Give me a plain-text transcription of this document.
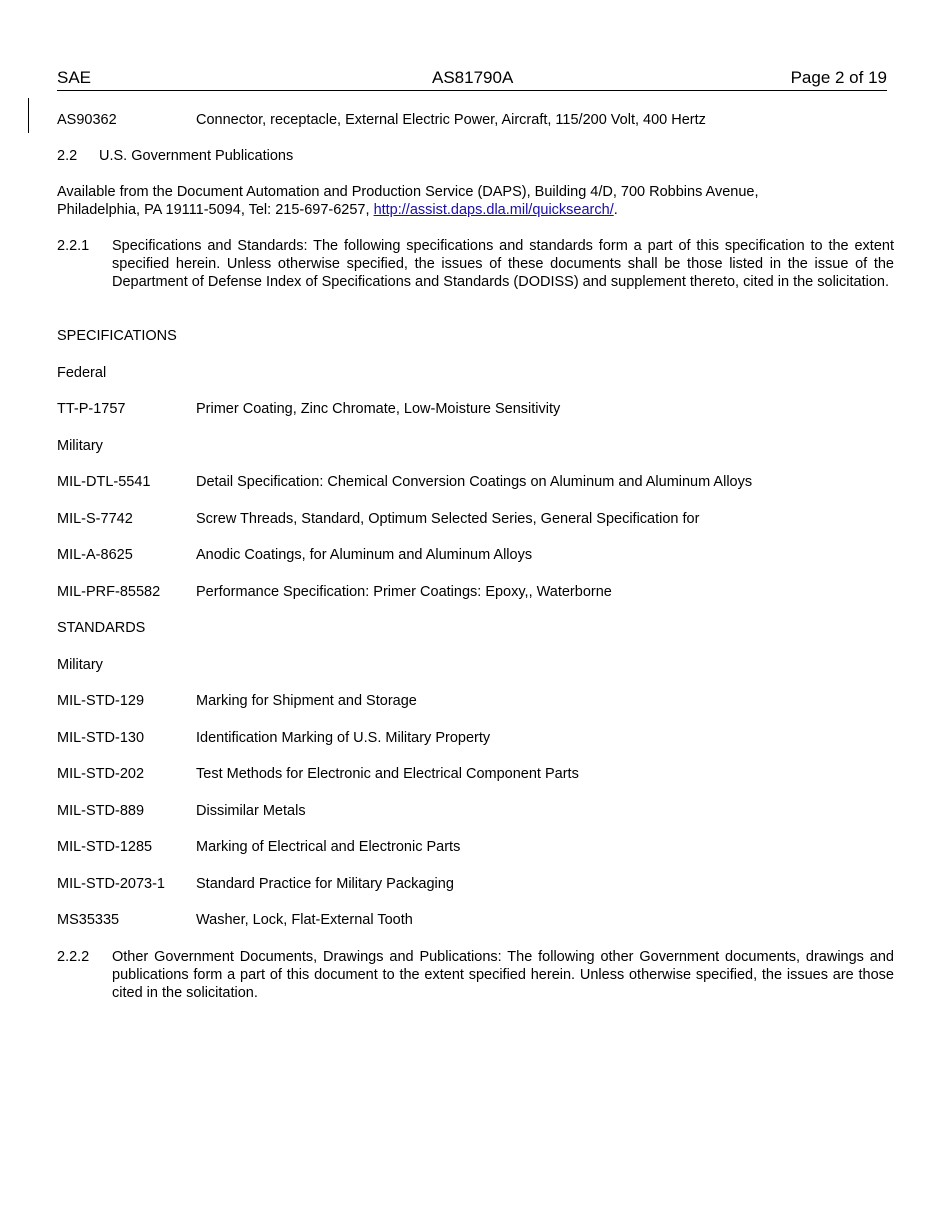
SAE	AS81790A	Page 2 of 19
AS90362	Connector, receptacle, External Electric Power, Aircraft, 115/200 Volt, 400 Hertz
2.2 U.S. Government Publications
Available from the Document Automation and Production Service (DAPS), Building 4/D, 700 Robbins Avenue, Philadelphia, PA 19111-5094, Tel: 215-697-6257, http://assist.daps.dla.mil/quicksearch/.
2.2.1 Specifications and Standards: The following specifications and standards form a part of this specification to the extent specified herein. Unless otherwise specified, the issues of these documents shall be those listed in the issue of the Department of Defense Index of Specifications and Standards (DODISS) and supplement thereto, cited in the solicitation.
SPECIFICATIONS
Federal
TT-P-1757	Primer Coating, Zinc Chromate, Low-Moisture Sensitivity
Military
MIL-DTL-5541	Detail Specification: Chemical Conversion Coatings on Aluminum and Aluminum Alloys
MIL-S-7742	Screw Threads, Standard, Optimum Selected Series, General Specification for
MIL-A-8625	Anodic Coatings, for Aluminum and Aluminum Alloys
MIL-PRF-85582 Performance Specification: Primer Coatings: Epoxy,, Waterborne
STANDARDS
Military
MIL-STD-129	Marking for Shipment and Storage
MIL-STD-130	Identification Marking of U.S. Military Property
MIL-STD-202	Test Methods for Electronic and Electrical Component Parts
MIL-STD-889	Dissimilar Metals
MIL-STD-1285	Marking of Electrical and Electronic Parts
MIL-STD-2073-1 Standard Practice for Military Packaging
MS35335	Washer, Lock, Flat-External Tooth
2.2.2 Other Government Documents, Drawings and Publications: The following other Government documents, drawings and publications form a part of this document to the extent specified herein. Unless otherwise specified, the issues are those cited in the solicitation.
